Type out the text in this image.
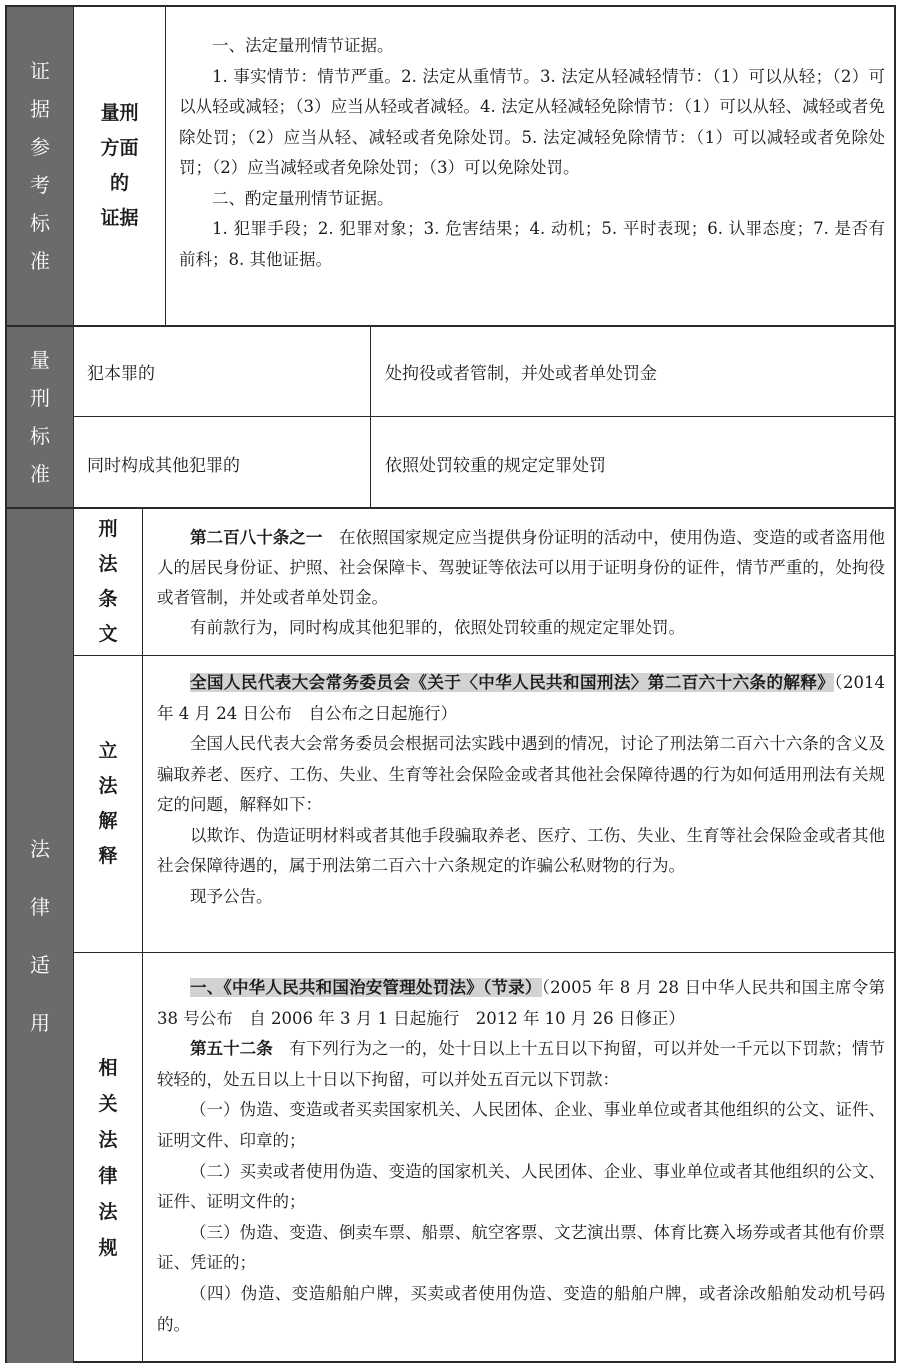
证
据
参
考
标
准
量刑
方面
的
证据

一、法定量刑情节证据。

1. 事实情节：情节严重。2. 法定从重情节。3. 法定从轻减轻情节：（1）可以从轻；（2）可以从轻或减轻；（3）应当从轻或者减轻。4. 法定从轻减轻免除情节：（1）可以从轻、减轻或者免除处罚；（2）应当从轻、减轻或者免除处罚。5. 法定减轻免除情节：（1）可以减轻或者免除处罚；（2）应当减轻或者免除处罚；（3）可以免除处罚。

二、酌定量刑情节证据。

1. 犯罪手段；2. 犯罪对象；3. 危害结果；4. 动机；5. 平时表现；6. 认罪态度；7. 是否有前科；8. 其他证据。

量
刑
标
准
犯本罪的	处拘役或者管制，并处或者单处罚金
同时构成其他犯罪的	依照处罚较重的规定定罪处罚
法
律
适
用
刑
法
条
文

第二百八十条之一　 在依照国家规定应当提供身份证明的活动中，使用伪造、变造的或者盗用他人的居民身份证、护照、社会保障卡、驾驶证等依法可以用于证明身份的证件，情节严重的，处拘役或者管制，并处或者单处罚金。

有前款行为，同时构成其他犯罪的，依照处罚较重的规定定罪处罚。

立
法
解
释

全国人民代表大会常务委员会《关于〈中华人民共和国刑法〉第二百六十六条的解释》（2014 年 4 月 24 日公布　自公布之日起施行）

全国人民代表大会常务委员会根据司法实践中遇到的情况，讨论了刑法第二百六十六条的含义及骗取养老、医疗、工伤、失业、生育等社会保险金或者其他社会保障待遇的行为如何适用刑法有关规定的问题，解释如下：

以欺诈、伪造证明材料或者其他手段骗取养老、医疗、工伤、失业、生育等社会保险金或者其他社会保障待遇的，属于刑法第二百六十六条规定的诈骗公私财物的行为。

现予公告。

相
关
法
律
法
规

一、《中华人民共和国治安管理处罚法》（节录）（2005 年 8 月 28 日中华人民共和国主席令第 38 号公布　自 2006 年 3 月 1 日起施行　2012 年 10 月 26 日修正）

第五十二条　 有下列行为之一的，处十日以上十五日以下拘留，可以并处一千元以下罚款；情节较轻的，处五日以上十日以下拘留，可以并处五百元以下罚款：

（一）伪造、变造或者买卖国家机关、人民团体、企业、事业单位或者其他组织的公文、证件、证明文件、印章的；

（二）买卖或者使用伪造、变造的国家机关、人民团体、企业、事业单位或者其他组织的公文、证件、证明文件的；

（三）伪造、变造、倒卖车票、船票、航空客票、文艺演出票、体育比赛入场券或者其他有价票证、凭证的；

（四）伪造、变造船舶户牌，买卖或者使用伪造、变造的船舶户牌，或者涂改船舶发动机号码的。
